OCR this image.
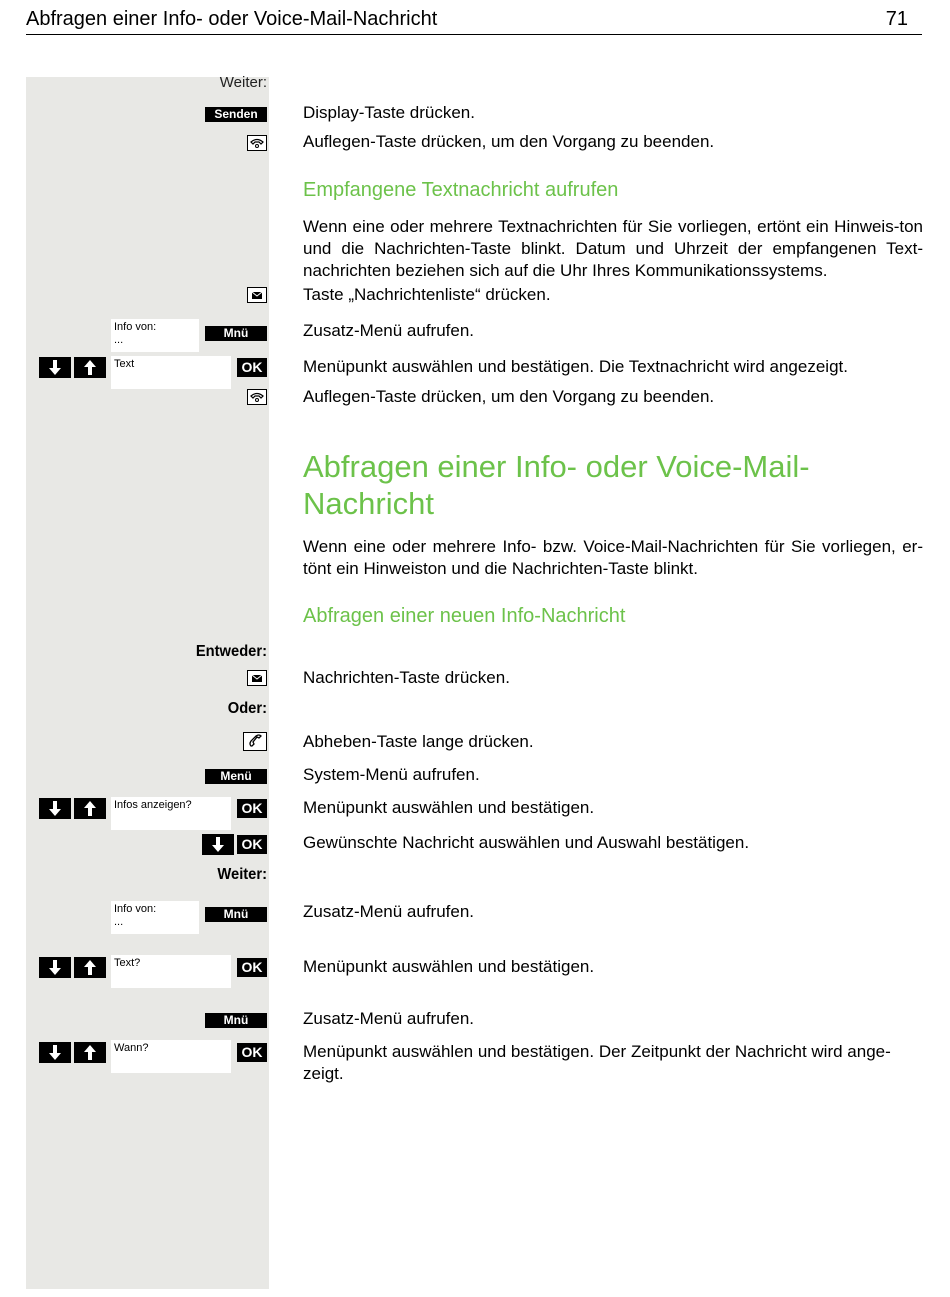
Abfragen einer Info- oder Voice-Mail-Nachricht	71
Weiter:
Senden	Display-Taste drücken.
Auflegen-Taste drücken, um den Vorgang zu beenden.
Empfangene Textnachricht aufrufen
Wenn eine oder mehrere Textnachrichten für Sie vorliegen, ertönt ein Hinweis-ton und die Nachrichten-Taste blinkt. Datum und Uhrzeit der empfangenen Text-nachrichten beziehen sich auf die Uhr Ihres Kommunikationssystems.
Taste „Nachrichtenliste“ drücken.
Info von:
...	Mnü	Zusatz-Menü aufrufen.
Text	OK Menüpunkt auswählen und bestätigen. Die Textnachricht wird angezeigt.
Auflegen-Taste drücken, um den Vorgang zu beenden.
Abfragen einer Info- oder Voice-Mail-
Nachricht
Wenn eine oder mehrere Info- bzw. Voice-Mail-Nachrichten für Sie vorliegen, er-tönt ein Hinweiston und die Nachrichten-Taste blinkt.
Abfragen einer neuen Info-Nachricht
Entweder:
Nachrichten-Taste drücken.
Oder:
Abheben-Taste lange drücken.
Menü	System-Menü aufrufen.
Infos anzeigen?	OK Menüpunkt auswählen und bestätigen.
OK Gewünschte Nachricht auswählen und Auswahl bestätigen.
Weiter:
Info von:
...
Mnü	Zusatz-Menü aufrufen.
Text?	OK Menüpunkt auswählen und bestätigen.
Mnü	Zusatz-Menü aufrufen.
Wann?	OK Menüpunkt auswählen und bestätigen. Der Zeitpunkt der Nachricht wird ange-zeigt.
